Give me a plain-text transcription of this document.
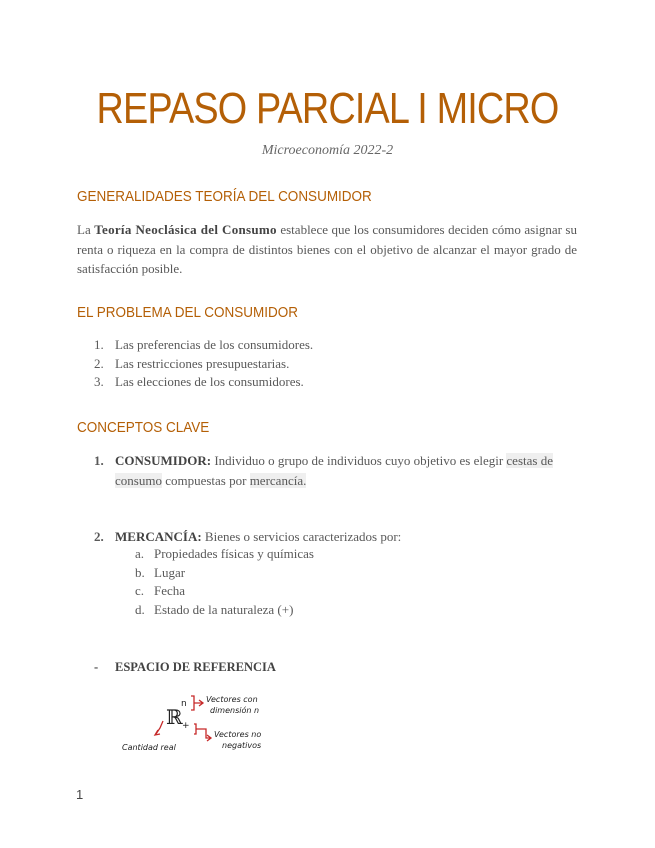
REPASO PARCIAL I MICRO
Microeconomía 2022-2
GENERALIDADES TEORÍA DEL CONSUMIDOR
La Teoría Neoclásica del Consumo establece que los consumidores deciden cómo asignar su renta o riqueza en la compra de distintos bienes con el objetivo de alcanzar el mayor grado de satisfacción posible.
EL PROBLEMA DEL CONSUMIDOR
1. Las preferencias de los consumidores.
2. Las restricciones presupuestarias.
3. Las elecciones de los consumidores.
CONCEPTOS CLAVE
1. CONSUMIDOR: Individuo o grupo de individuos cuyo objetivo es elegir cestas de consumo compuestas por mercancía.
2. MERCANCÍA: Bienes o servicios caracterizados por:
a. Propiedades físicas y químicas
b. Lugar
c. Fecha
d. Estado de la naturaleza (+)
- ESPACIO DE REFERENCIA
ℝ
n
+
Vectores con
dimensión n
Vectores no
negativos
Cantidad real
1
